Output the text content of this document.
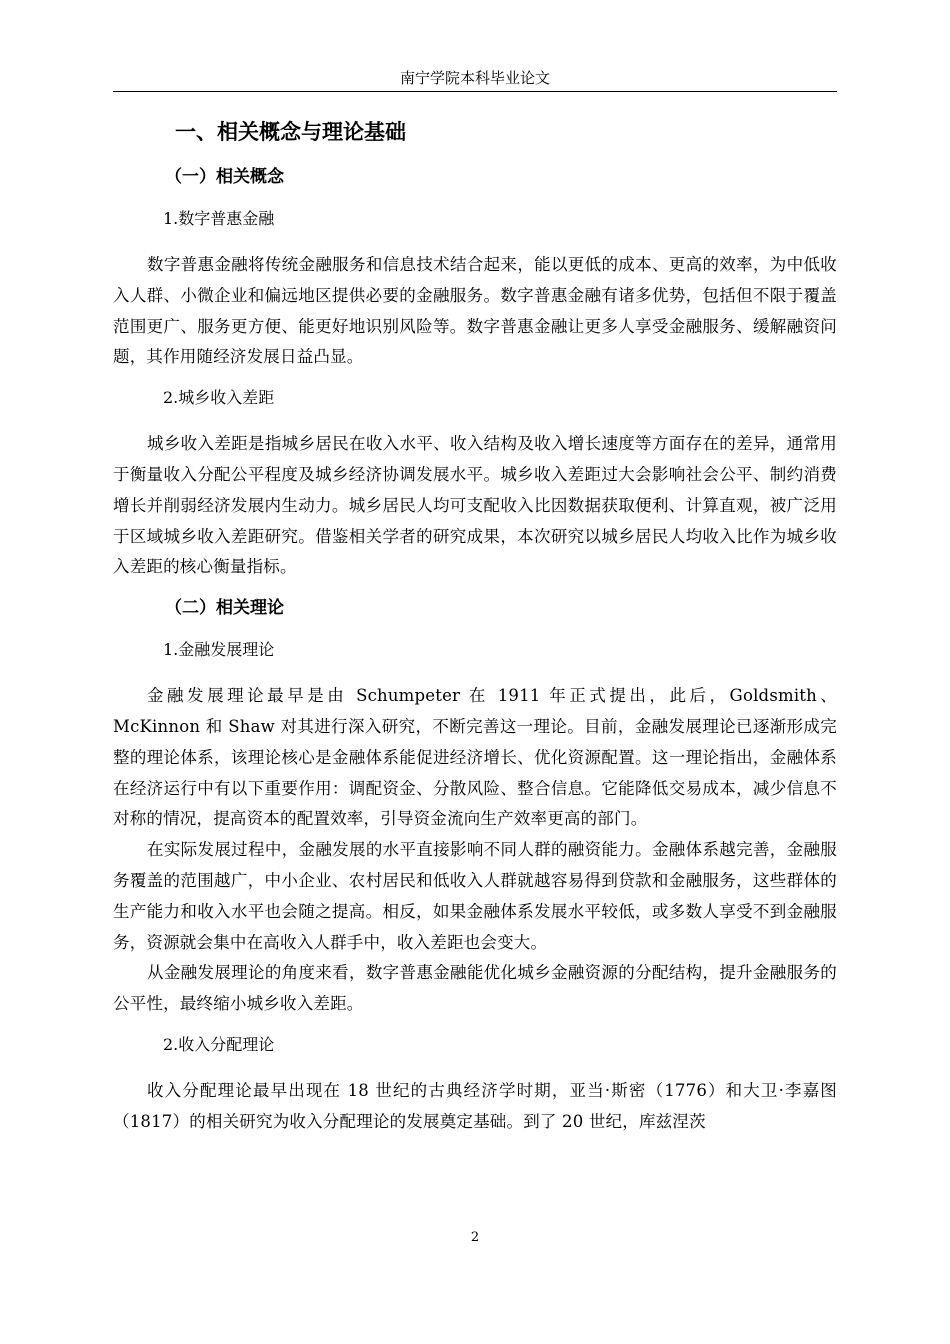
南宁学院本科毕业论文
一、相关概念与理论基础
（一）相关概念
1.数字普惠金融

数字普惠金融将传统金融服务和信息技术结合起来，能以更低的成本、更高的效率，为中低收入人群、小微企业和偏远地区提供必要的金融服务。数字普惠金融有诸多优势，包括但不限于覆盖范围更广、服务更方便、能更好地识别风险等。数字普惠金融让更多人享受金融服务、缓解融资问题，其作用随经济发展日益凸显。

2.城乡收入差距

城乡收入差距是指城乡居民在收入水平、收入结构及收入增长速度等方面存在的差异，通常用于衡量收入分配公平程度及城乡经济协调发展水平。城乡收入差距过大会影响社会公平、制约消费增长并削弱经济发展内生动力。城乡居民人均可支配收入比因数据获取便利、计算直观，被广泛用于区域城乡收入差距研究。借鉴相关学者的研究成果，本次研究以城乡居民人均收入比作为城乡收入差距的核心衡量指标。

（二）相关理论
1.金融发展理论

金融发展理论最早是由 Schumpeter 在 1911 年正式提出，此后，Goldsmith、McKinnon 和 Shaw 对其进行深入研究，不断完善这一理论。目前，金融发展理论已逐渐形成完整的理论体系，该理论核心是金融体系能促进经济增长、优化资源配置。这一理论指出，金融体系在经济运行中有以下重要作用：调配资金、分散风险、整合信息。它能降低交易成本，减少信息不对称的情况，提高资本的配置效率，引导资金流向生产效率更高的部门。

在实际发展过程中，金融发展的水平直接影响不同人群的融资能力。金融体系越完善，金融服务覆盖的范围越广，中小企业、农村居民和低收入人群就越容易得到贷款和金融服务，这些群体的生产能力和收入水平也会随之提高。相反，如果金融体系发展水平较低，或多数人享受不到金融服务，资源就会集中在高收入人群手中，收入差距也会变大。

从金融发展理论的角度来看，数字普惠金融能优化城乡金融资源的分配结构，提升金融服务的公平性，最终缩小城乡收入差距。

2.收入分配理论

收入分配理论最早出现在 18 世纪的古典经济学时期，亚当·斯密（1776）和大卫·李嘉图（1817）的相关研究为收入分配理论的发展奠定基础。到了 20 世纪，库兹涅茨

2
